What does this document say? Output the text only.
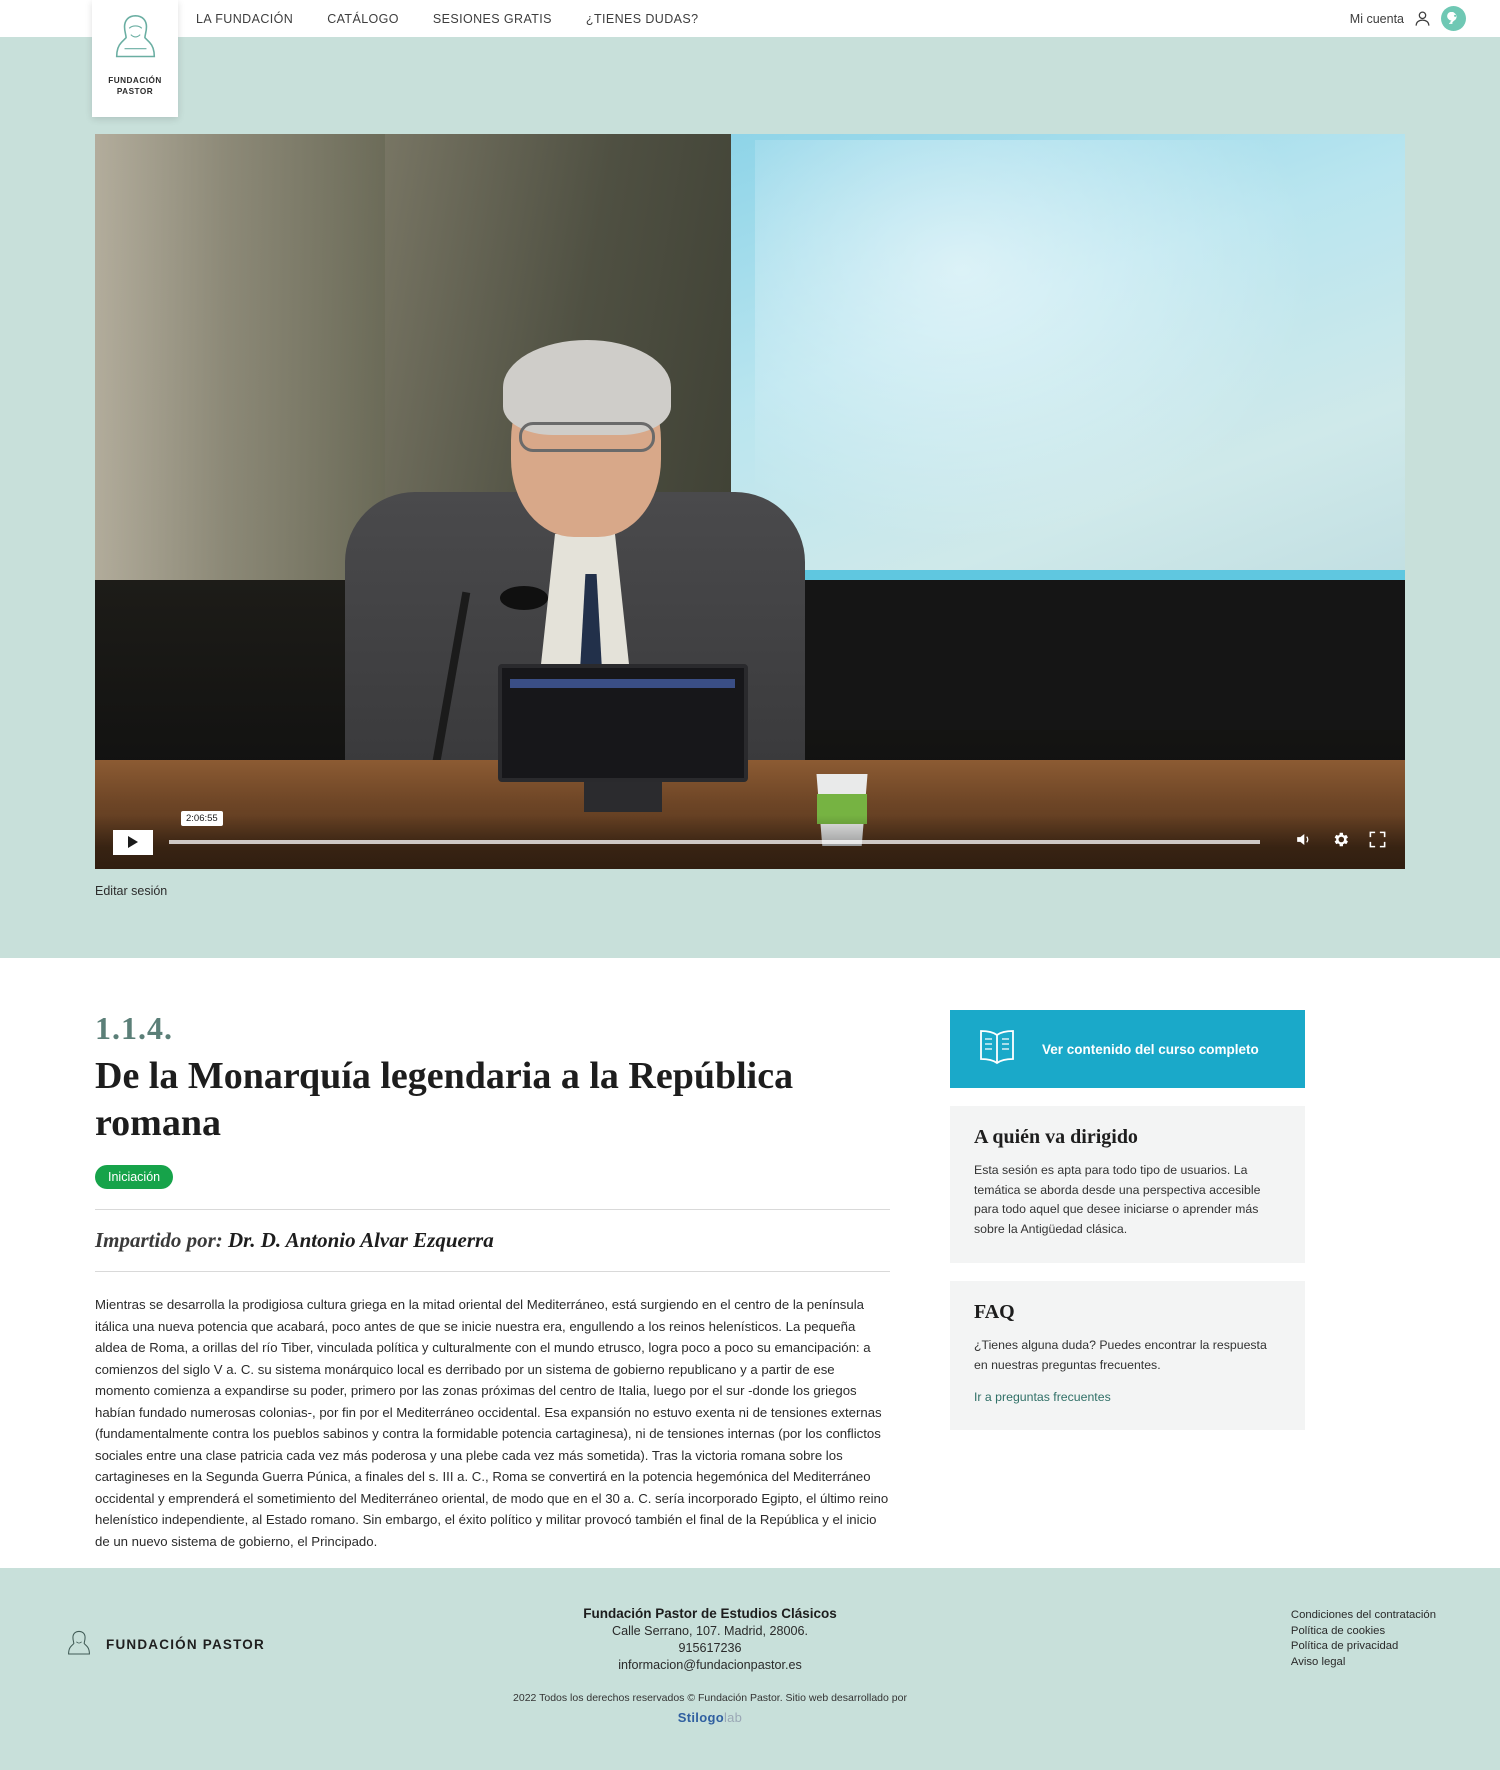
LA FUNDACIÓN	CATÁLOGO	SESIONES GRATIS	¿TIENES DUDAS?	Mi cuenta
FUNDACIÓN
PASTOR
2:06:55
Editar sesión
1.1.4.
De la Monarquía legendaria a la República romana
Iniciación
Impartido por: Dr. D. Antonio Alvar Ezquerra

Mientras se desarrolla la prodigiosa cultura griega en la mitad oriental del Mediterráneo, está surgiendo en el centro de la península itálica una nueva potencia que acabará, poco antes de que se inicie nuestra era, engullendo a los reinos helenísticos. La pequeña aldea de Roma, a orillas del río Tiber, vinculada política y culturalmente con el mundo etrusco, logra poco a poco su emancipación: a comienzos del siglo V a. C. su sistema monárquico local es derribado por un sistema de gobierno republicano y a partir de ese momento comienza a expandirse su poder, primero por las zonas próximas del centro de Italia, luego por el sur -donde los griegos habían fundado numerosas colonias-, por fin por el Mediterráneo occidental. Esa expansión no estuvo exenta ni de tensiones externas (fundamentalmente contra los pueblos sabinos y contra la formidable potencia cartaginesa), ni de tensiones internas (por los conflictos sociales entre una clase patricia cada vez más poderosa y una plebe cada vez más sometida). Tras la victoria romana sobre los cartagineses en la Segunda Guerra Púnica, a finales del s. III a. C., Roma se convertirá en la potencia hegemónica del Mediterráneo occidental y emprenderá el sometimiento del Mediterráneo oriental, de modo que en el 30 a. C. sería incorporado Egipto, el último reino helenístico independiente, al Estado romano. Sin embargo, el éxito político y militar provocó también el final de la República y el inicio de un nuevo sistema de gobierno, el Principado.

Ver contenido del curso completo
A quién va dirigido
Esta sesión es apta para todo tipo de usuarios. La temática se aborda desde una perspectiva accesible para todo aquel que desee iniciarse o aprender más sobre la Antigüedad clásica.
FAQ
¿Tienes alguna duda? Puedes encontrar la respuesta en nuestras preguntas frecuentes.
Ir a preguntas frecuentes
FUNDACIÓN PASTOR
Fundación Pastor de Estudios Clásicos
Calle Serrano, 107. Madrid, 28006.
915617236
informacion@fundacionpastor.es
2022 Todos los derechos reservados © Fundación Pastor. Sitio web desarrollado por
Stilogolab
Condiciones del contratación
Política de cookies
Política de privacidad
Aviso legal
